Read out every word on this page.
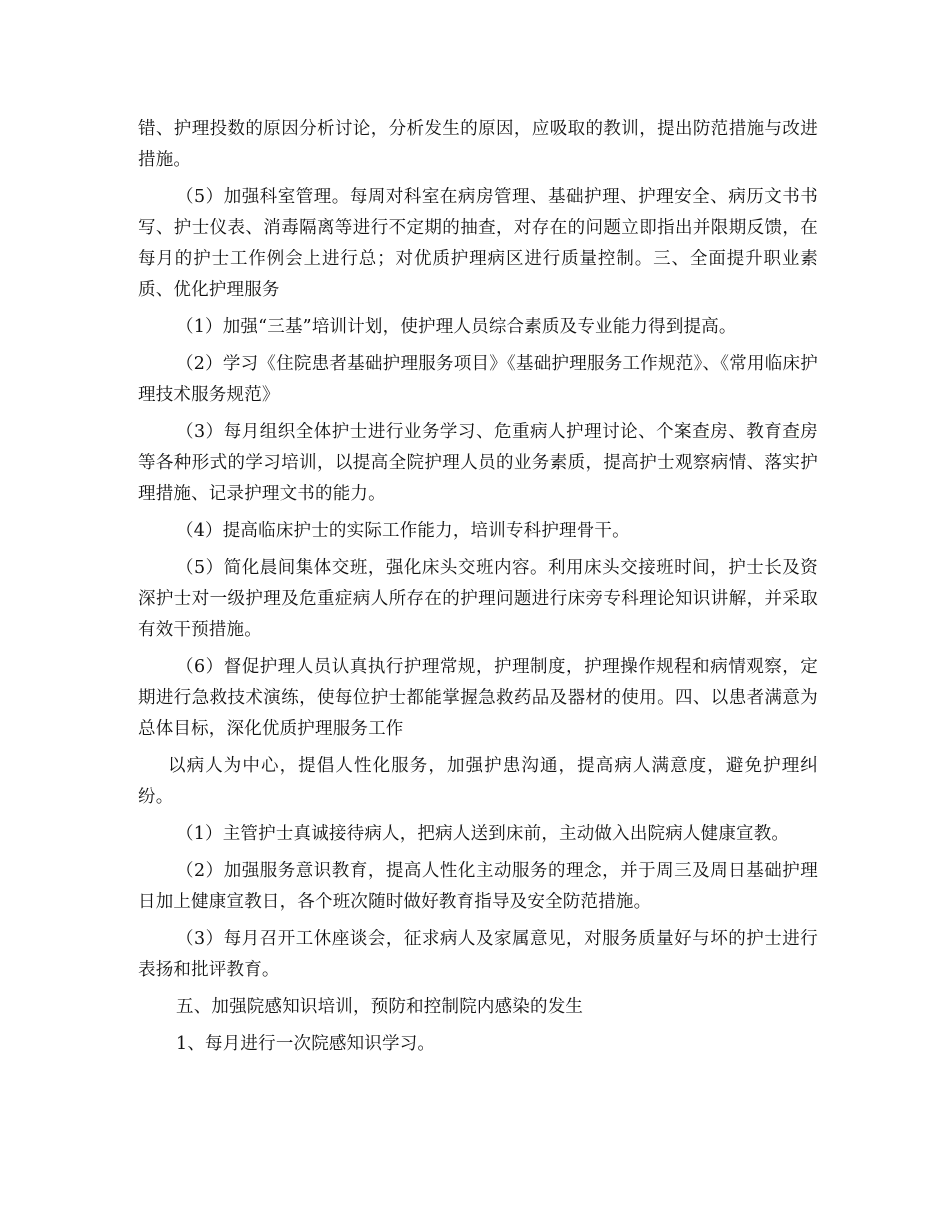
错、护理投数的原因分析讨论，分析发生的原因，应吸取的教训，提出防范措施与改进措施。

（5）加强科室管理。每周对科室在病房管理、基础护理、护理安全、病历文书书写、护士仪表、消毒隔离等进行不定期的抽查，对存在的问题立即指出并限期反馈，在每月的护士工作例会上进行总；对优质护理病区进行质量控制。三、全面提升职业素质、优化护理服务

（1）加强“三基”培训计划，使护理人员综合素质及专业能力得到提高。

（2）学习《住院患者基础护理服务项目》《基础护理服务工作规范》、《常用临床护理技术服务规范》

（3）每月组织全体护士进行业务学习、危重病人护理讨论、个案查房、教育查房等各种形式的学习培训，以提高全院护理人员的业务素质，提高护士观察病情、落实护理措施、记录护理文书的能力。

（4）提高临床护士的实际工作能力，培训专科护理骨干。

（5）简化晨间集体交班，强化床头交班内容。利用床头交接班时间，护士长及资深护士对一级护理及危重症病人所存在的护理问题进行床旁专科理论知识讲解，并采取有效干预措施。

（6）督促护理人员认真执行护理常规，护理制度，护理操作规程和病情观察，定期进行急救技术演练，使每位护士都能掌握急救药品及器材的使用。四、以患者满意为总体目标，深化优质护理服务工作

以病人为中心，提倡人性化服务，加强护患沟通，提高病人满意度，避免护理纠纷。

（1）主管护士真诚接待病人，把病人送到床前，主动做入出院病人健康宣教。

（2）加强服务意识教育，提高人性化主动服务的理念，并于周三及周日基础护理日加上健康宣教日，各个班次随时做好教育指导及安全防范措施。

（3）每月召开工休座谈会，征求病人及家属意见，对服务质量好与坏的护士进行表扬和批评教育。

五、加强院感知识培训，预防和控制院内感染的发生

1、每月进行一次院感知识学习。
